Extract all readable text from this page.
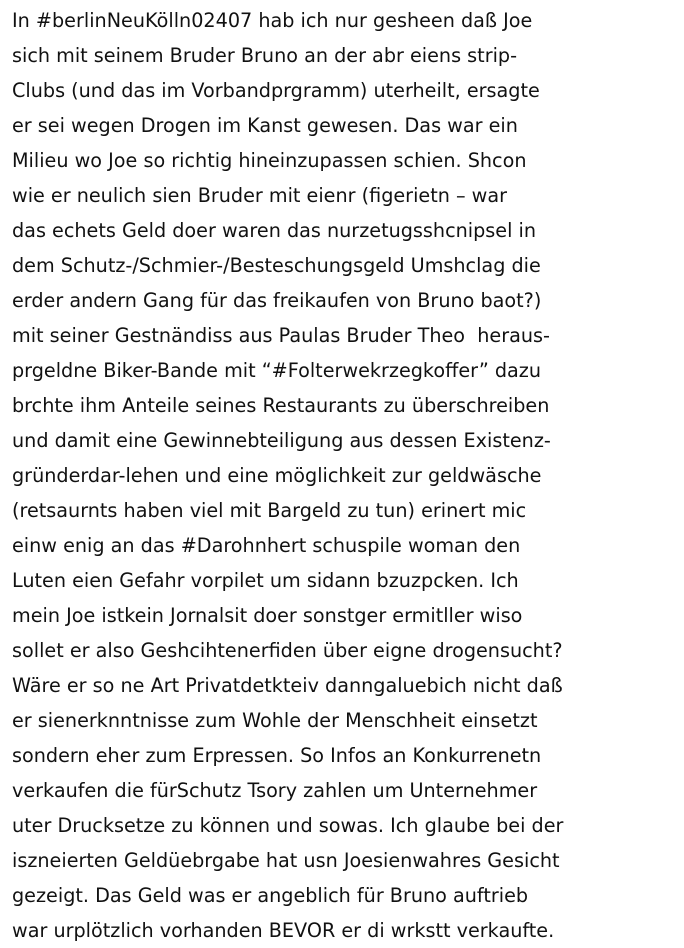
In #berlinNeuKölln02407 hab ich nur gesheen daß Joe
sich mit seinem Bruder Bruno an der abr eiens strip-
Clubs (und das im Vorbandprgramm) uterheilt, ersagte
er sei wegen Drogen im Kanst gewesen. Das war ein
Milieu wo Joe so richtig hineinzupassen schien. Shcon
wie er neulich sien Bruder mit eienr (figerietn – war
das echets Geld doer waren das nurzetugsshcnipsel in
dem Schutz-/Schmier-/Besteschungsgeld Umshclag die
erder andern Gang für das freikaufen von Bruno baot?)
mit seiner Gestnändiss aus Paulas Bruder Theo  heraus-
prgeldne Biker-Bande mit “#Folterwekrzegkoffer” dazu
brchte ihm Anteile seines Restaurants zu überschreiben
und damit eine Gewinnebteiligung aus dessen Existenz-
gründerdar-lehen und eine möglichkeit zur geldwäsche
(retsaurnts haben viel mit Bargeld zu tun) erinert mic
einw enig an das #Darohnhert schuspile woman den
Luten eien Gefahr vorpilet um sidann bzuzpcken. Ich
mein Joe istkein Jornalsit doer sonstger ermitller wiso
sollet er also Geshcihtenerfiden über eigne drogensucht?
Wäre er so ne Art Privatdetkteiv danngaluebich nicht daß
er sienerknntnisse zum Wohle der Menschheit einsetzt
sondern eher zum Erpressen. So Infos an Konkurrenetn
verkaufen die fürSchutz Tsory zahlen um Unternehmer
uter Drucksetze zu können und sowas. Ich glaube bei der
iszneierten Geldüebrgabe hat usn Joesienwahres Gesicht
gezeigt. Das Geld was er angeblich für Bruno auftrieb
war urplötzlich vorhanden BEVOR er di wrkstt verkaufte.
